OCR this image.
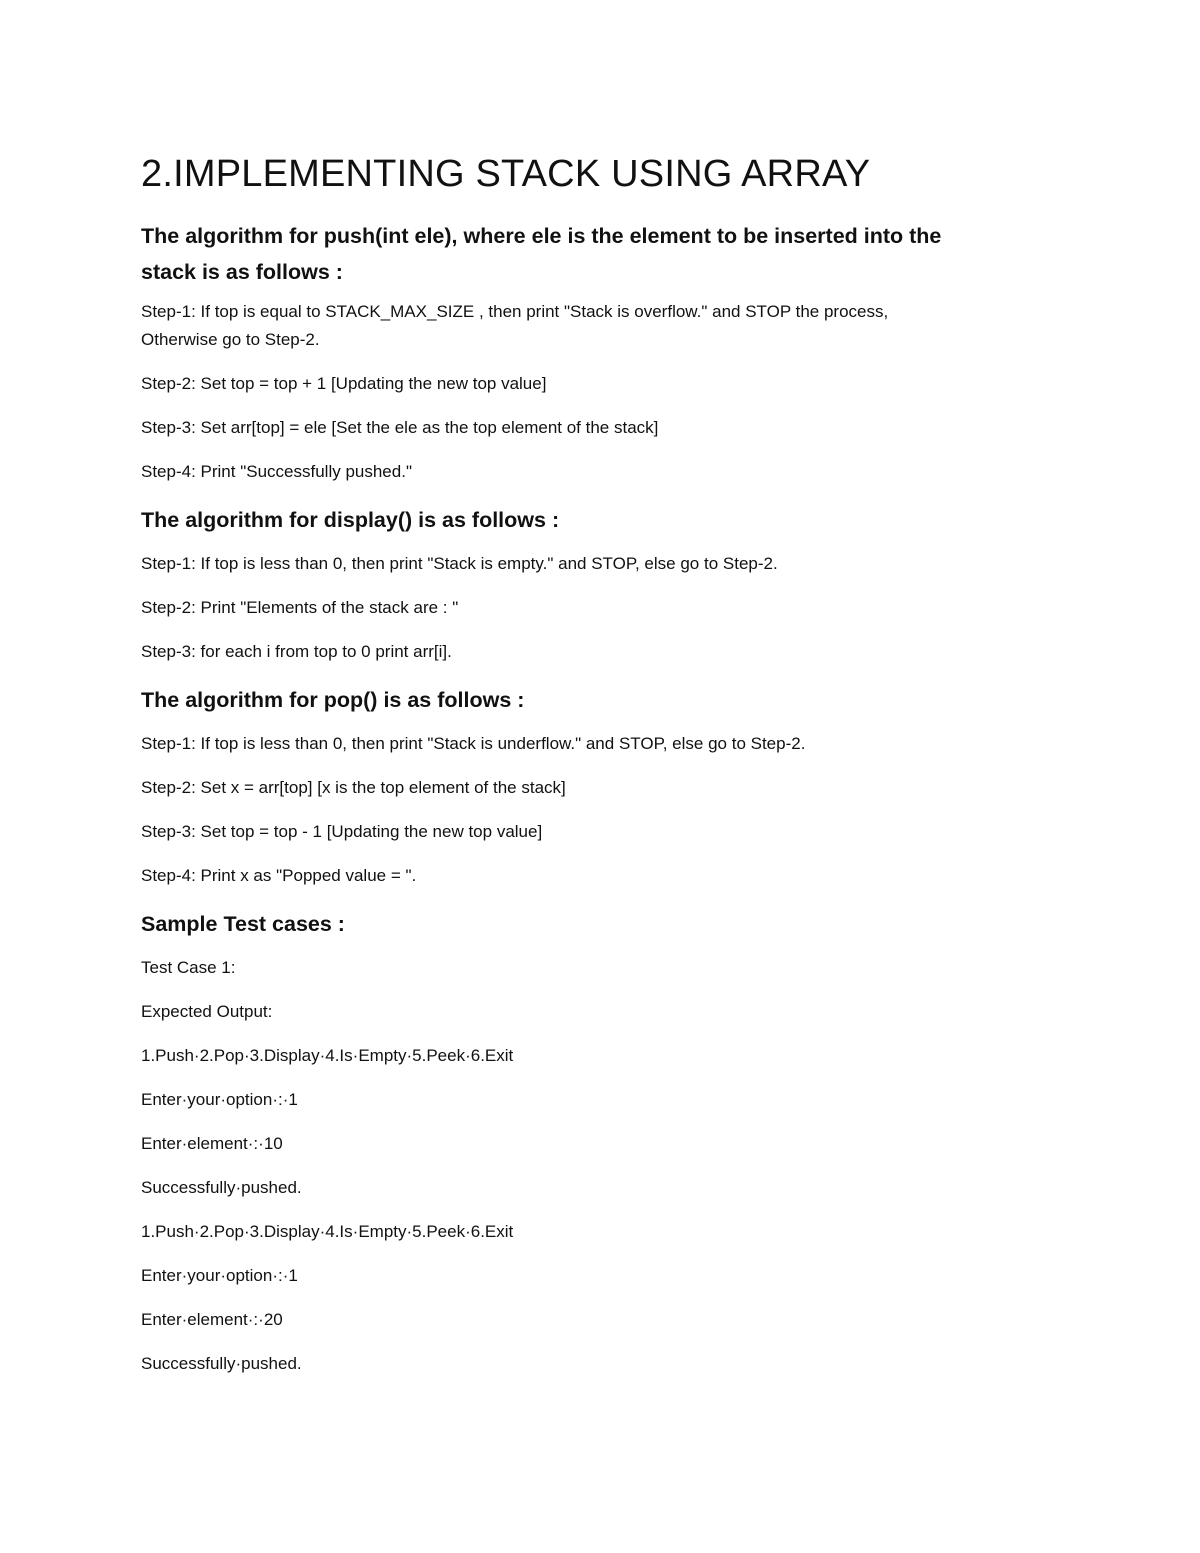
2.IMPLEMENTING STACK USING ARRAY
The algorithm for push(int ele), where ele is the element to be inserted into the
stack is as follows :
Step-1: If top is equal to STACK_MAX_SIZE , then print "Stack is overflow." and STOP the process,
Otherwise go to Step-2.
Step-2: Set top = top + 1 [Updating the new top value]
Step-3: Set arr[top] = ele [Set the ele as the top element of the stack]
Step-4: Print "Successfully pushed."
The algorithm for display() is as follows :
Step-1: If top is less than 0, then print "Stack is empty." and STOP, else go to Step-2.
Step-2: Print "Elements of the stack are : "
Step-3: for each i from top to 0 print arr[i].
The algorithm for pop() is as follows :
Step-1: If top is less than 0, then print "Stack is underflow." and STOP, else go to Step-2.
Step-2: Set x = arr[top] [x is the top element of the stack]
Step-3: Set top = top - 1 [Updating the new top value]
Step-4: Print x as "Popped value = ".
Sample Test cases :
Test Case 1:
Expected Output:
1.Push·2.Pop·3.Display·4.Is·Empty·5.Peek·6.Exit
Enter·your·option·:·1
Enter·element·:·10
Successfully·pushed.
1.Push·2.Pop·3.Display·4.Is·Empty·5.Peek·6.Exit
Enter·your·option·:·1
Enter·element·:·20
Successfully·pushed.
